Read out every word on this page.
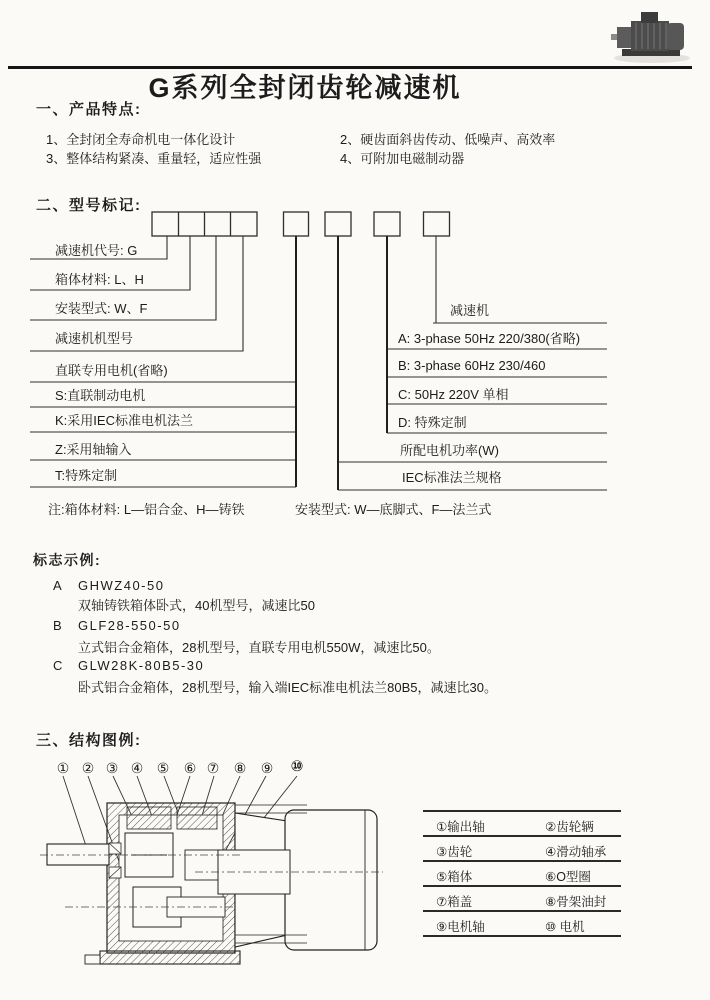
G系列全封闭齿轮减速机
一、产品特点:
1、全封闭全寿命机电一体化设计	2、硬齿面斜齿传动、低噪声、高效率
3、整体结构紧凑、重量轻，适应性强	4、可附加电磁制动器
二、型号标记:
减速机代号: G
箱体材料: L、H
安装型式: W、F
减速机机型号
直联专用电机(省略)
S:直联制动电机
K:采用IEC标准电机法兰
Z:采用轴输入
T:特殊定制
减速机
A: 3-phase 50Hz 220/380(省略)
B: 3-phase 60Hz 230/460
C: 50Hz 220V 单相
D: 特殊定制
所配电机功率(W)
IEC标准法兰规格
注:箱体材料: L—铝合金、H—铸铁	安装型式: W—底脚式、F—法兰式
标志示例:
A GHWZ40-50
双轴铸铁箱体卧式，40机型号，减速比50
B GLF28-550-50
立式铝合金箱体，28机型号，直联专用电机550W，减速比50。
C GLW28K-80B5-30
卧式铝合金箱体，28机型号，输入端IEC标准电机法兰80B5，减速比30。
三、结构图例:
① ② ③ ④ ⑤	⑥ ⑦	⑧	⑨	⑩
①输出轴	②齿轮辆
③齿轮	④滑动轴承
⑤箱体	⑥O型圈
⑦箱盖	⑧骨架油封
⑨电机轴	⑩ 电机
